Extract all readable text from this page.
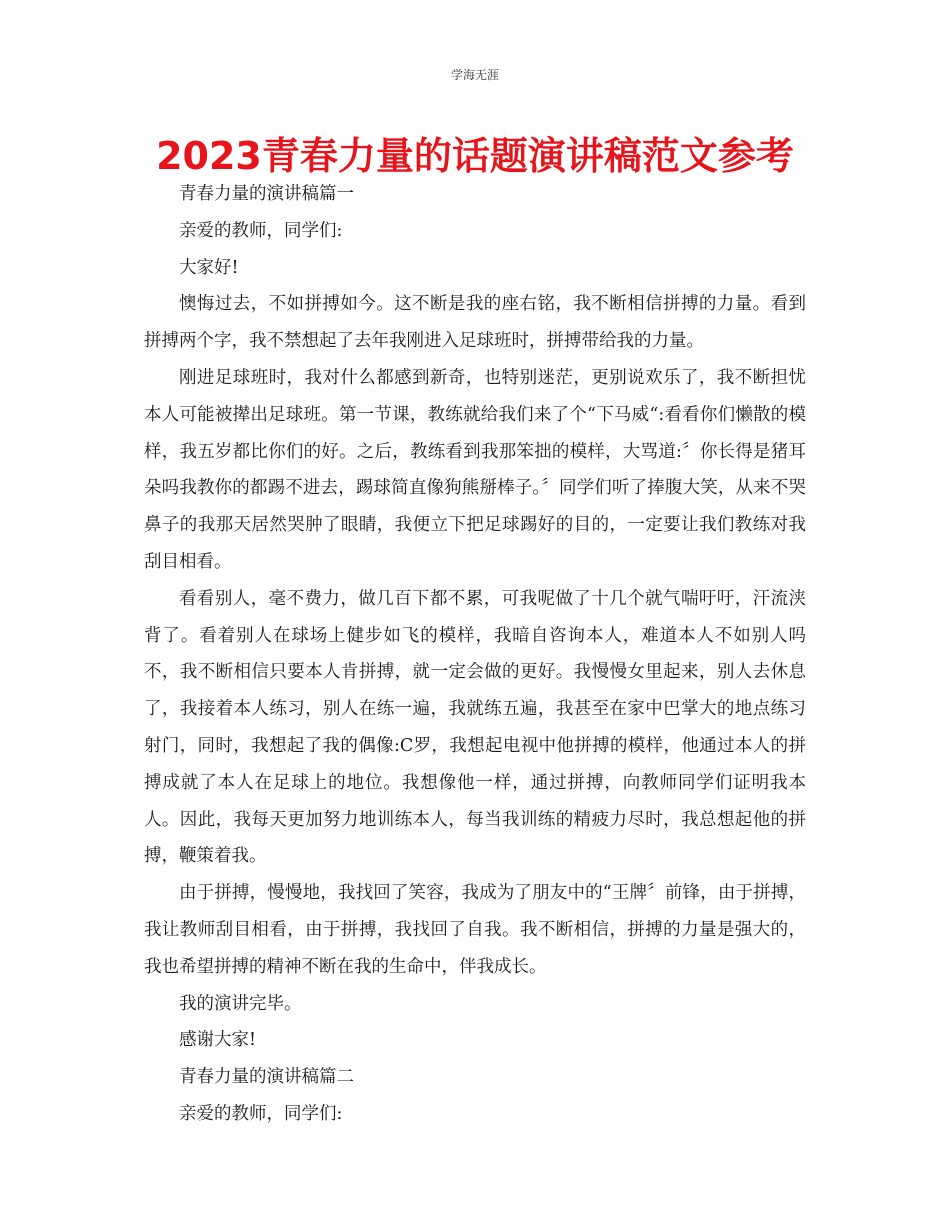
学海无涯
2023青春力量的话题演讲稿范文参考

青春力量的演讲稿篇一

亲爱的教师，同学们:

大家好!

懊悔过去，不如拼搏如今。这不断是我的座右铭，我不断相信拼搏的力量。看到拼搏两个字，我不禁想起了去年我刚进入足球班时，拼搏带给我的力量。

刚进足球班时，我对什么都感到新奇，也特别迷茫，更别说欢乐了，我不断担忧本人可能被撵出足球班。第一节课，教练就给我们来了个“下马威“:看看你们懒散的模样，我五岁都比你们的好。之后，教练看到我那笨拙的模样，大骂道:〞你长得是猪耳朵吗我教你的都踢不进去，踢球简直像狗熊掰棒子。〞同学们听了捧腹大笑，从来不哭鼻子的我那天居然哭肿了眼睛，我便立下把足球踢好的目的，一定要让我们教练对我刮目相看。

看看别人，毫不费力，做几百下都不累，可我呢做了十几个就气喘吁吁，汗流浃背了。看着别人在球场上健步如飞的模样，我暗自咨询本人，难道本人不如别人吗不，我不断相信只要本人肯拼搏，就一定会做的更好。我慢慢女里起来，别人去休息了，我接着本人练习，别人在练一遍，我就练五遍，我甚至在家中巴掌大的地点练习射门，同时，我想起了我的偶像:C罗，我想起电视中他拼搏的模样，他通过本人的拼搏成就了本人在足球上的地位。我想像他一样，通过拼搏，向教师同学们证明我本人。因此，我每天更加努力地训练本人，每当我训练的精疲力尽时，我总想起他的拼搏，鞭策着我。

由于拼搏，慢慢地，我找回了笑容，我成为了朋友中的“王牌〞前锋，由于拼搏，我让教师刮目相看，由于拼搏，我找回了自我。我不断相信，拼搏的力量是强大的，我也希望拼搏的精神不断在我的生命中，伴我成长。

我的演讲完毕。

感谢大家!

青春力量的演讲稿篇二

亲爱的教师，同学们:
